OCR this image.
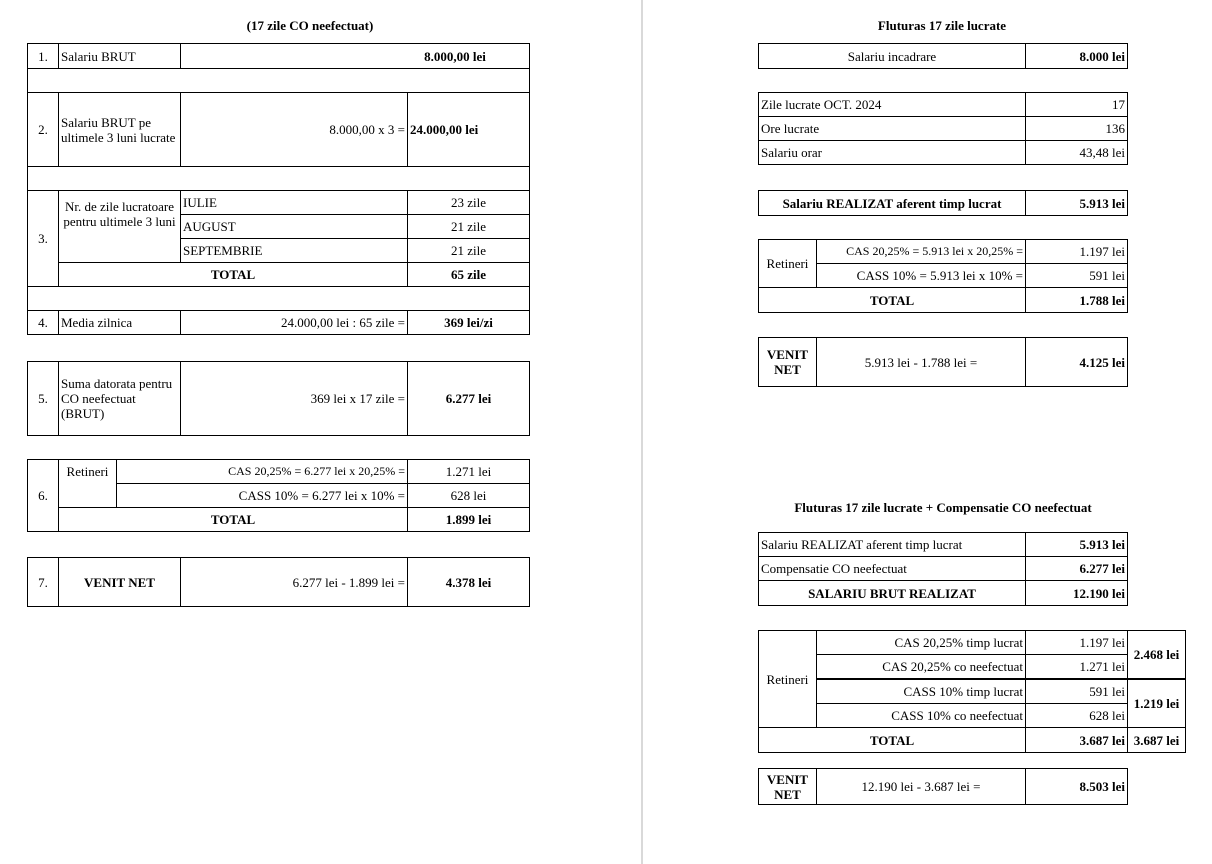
(17 zile CO neefectuat)
1.	Salariu BRUT	8.000,00 lei	

2.	Salariu BRUT pe ultimele 3 luni lucrate	8.000,00 x 3 =	24.000,00 lei

3.	Nr. de zile lucratoare pentru ultimele 3 luni	IULIE	23 zile
		AUGUST	21 zile
		SEPTEMBRIE	21 zile
	TOTAL		65 zile

4.	Media zilnica	24.000,00 lei : 65 zile =	369 lei/zi
5.	Suma datorata pentru CO neefectuat (BRUT)	369 lei x 17 zile =	6.277 lei
6.	Retineri	CAS 20,25% = 6.277 lei x 20,25% =	1.271 lei
		CASS 10% = 6.277 lei x 10% =	628 lei
	TOTAL		1.899 lei
7.	VENIT NET	6.277 lei - 1.899 lei =	4.378 lei
Fluturas 17 zile lucrate
Salariu incadrare	8.000 lei
Zile lucrate OCT. 2024	17
Ore lucrate	136
Salariu orar	43,48 lei
Salariu REALIZAT aferent timp lucrat	5.913 lei
Retineri	CAS 20,25% = 5.913 lei x 20,25% =	1.197 lei
	CASS 10% = 5.913 lei x 10% =	591 lei
TOTAL		1.788 lei
VENIT NET	5.913 lei - 1.788 lei =	4.125 lei
Fluturas 17 zile lucrate + Compensatie CO neefectuat
Salariu REALIZAT aferent timp lucrat	5.913 lei
Compensatie CO neefectuat	6.277 lei
SALARIU BRUT REALIZAT	12.190 lei
Retineri	CAS 20,25% timp lucrat	1.197 lei	2.468 lei
	CAS 20,25% co neefectuat	1.271 lei	
	CASS 10% timp lucrat	591 lei	1.219 lei
	CASS 10% co neefectuat	628 lei	
TOTAL		3.687 lei	3.687 lei
VENIT NET	12.190 lei - 3.687 lei =	8.503 lei
